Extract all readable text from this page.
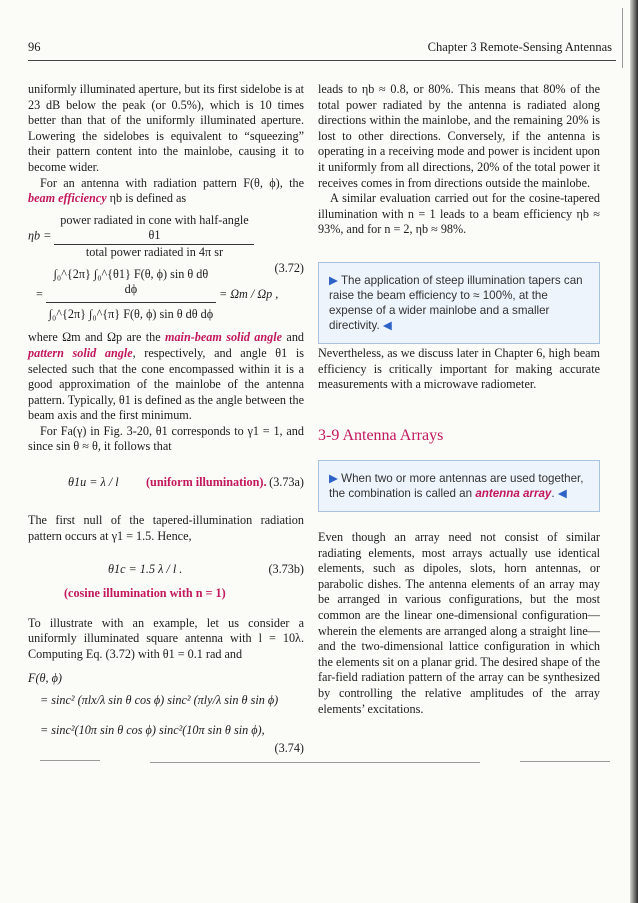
96	Chapter 3 Remote-Sensing Antennas

uniformly illuminated aperture, but its first sidelobe is at 23 dB below the peak (or 0.5%), which is 10 times better than that of the uniformly illuminated aperture. Lowering the sidelobes is equivalent to “squeezing” their pattern content into the mainlobe, causing it to become wider.

For an antenna with radiation pattern F(θ, ϕ), the beam efficiency ηb is defined as

$\eta b = \frac{\text{power radiated in cone with half-angle θ1}}{\text{total power radiated in 4π sr}}$
= $\frac{\text{∫₀\textasciicircum{}\{2π\} ∫₀\textasciicircum{}\{θ1\} F(θ, ϕ) sin θ dθ dϕ}}{\text{∫₀\textasciicircum{}\{2π\} ∫₀\textasciicircum{}\{π\} F(θ, ϕ) sin θ dθ dϕ}} = \Omega m / \Omega p$ ,
(3.72)

where Ωm and Ωp are the main-beam solid angle and pattern solid angle, respectively, and angle θ1 is selected such that the cone encompassed within it is a good approximation of the mainlobe of the antenna pattern. Typically, θ1 is defined as the angle between the beam axis and the first minimum.

For Fa(γ) in Fig. 3-20, θ1 corresponds to γ1 = 1, and since sin θ ≈ θ, it follows that

θ1u = λ / l (uniform illumination). (3.73a)

The first null of the tapered-illumination radiation pattern occurs at γ1 = 1.5. Hence,

θ1c = 1.5 λ / l .	(3.73b)
(cosine illumination with n = 1)

To illustrate with an example, let us consider a uniformly illuminated square antenna with l = 10λ. Computing Eq. (3.72) with θ1 = 0.1 rad and

F(θ, ϕ)
= sinc² (πlx/λ sin θ cos ϕ) sinc² (πly/λ sin θ sin ϕ)
= sinc²(10π sin θ cos ϕ) sinc²(10π sin θ sin ϕ),
(3.74)

leads to ηb ≈ 0.8, or 80%. This means that 80% of the total power radiated by the antenna is radiated along directions within the mainlobe, and the remaining 20% is lost to other directions. Conversely, if the antenna is operating in a receiving mode and power is incident upon it uniformly from all directions, 20% of the total power it receives comes in from directions outside the mainlobe.

A similar evaluation carried out for the cosine-tapered illumination with n = 1 leads to a beam efficiency ηb ≈ 93%, and for n = 2, ηb ≈ 98%.

▶ The application of steep illumination tapers can raise the beam efficiency to ≈ 100%, at the expense of a wider mainlobe and a smaller directivity. ◀

Nevertheless, as we discuss later in Chapter 6, high beam efficiency is critically important for making accurate measurements with a microwave radiometer.

3-9 Antenna Arrays
▶ When two or more antennas are used together, the combination is called an antenna array. ◀

Even though an array need not consist of similar radiating elements, most arrays actually use identical elements, such as dipoles, slots, horn antennas, or parabolic dishes. The antenna elements of an array may be arranged in various configurations, but the most common are the linear one-dimensional configuration—wherein the elements are arranged along a straight line—and the two-dimensional lattice configuration in which the elements sit on a planar grid. The desired shape of the far-field radiation pattern of the array can be synthesized by controlling the relative amplitudes of the array elements’ excitations.
